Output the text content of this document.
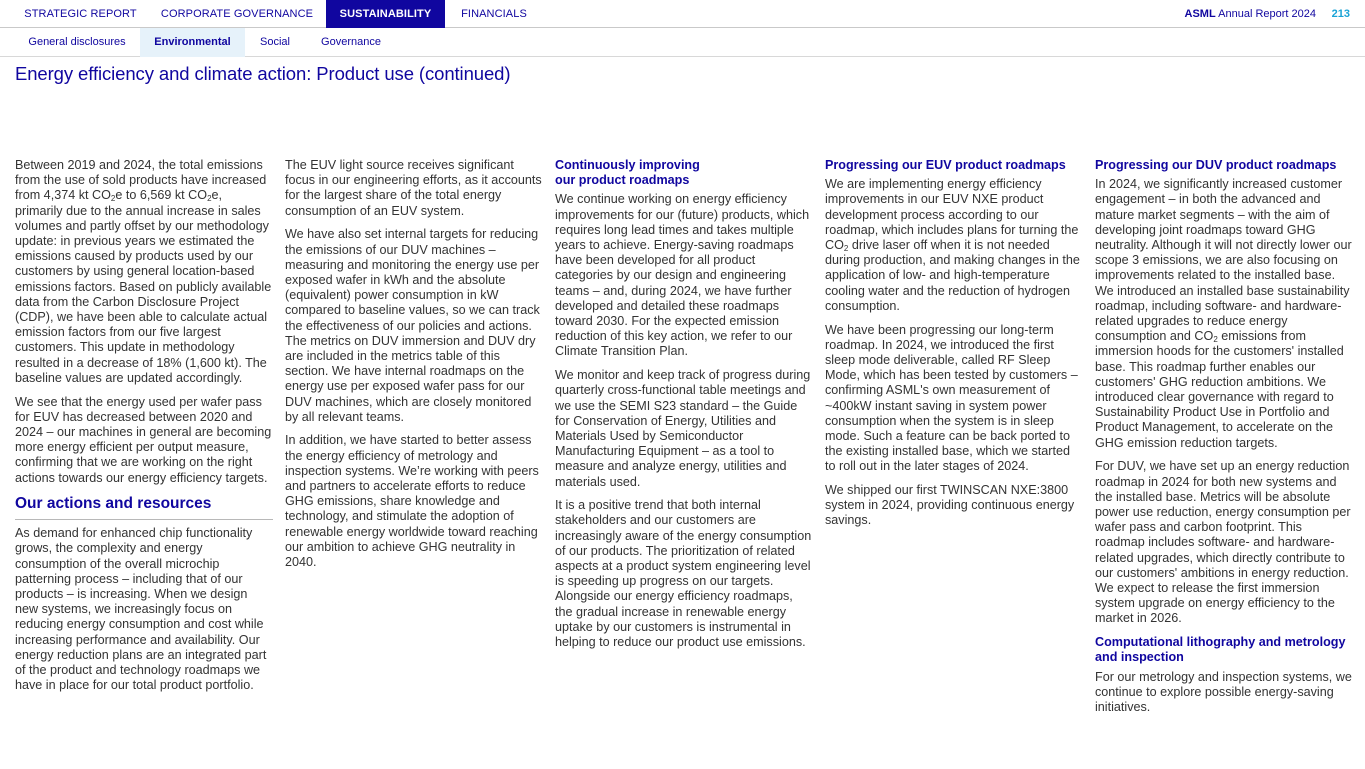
STRATEGIC REPORT	CORPORATE GOVERNANCE	SUSTAINABILITY	FINANCIALS	ASML Annual Report 2024 213
General disclosures	Environmental	Social	Governance
Energy efficiency and climate action: Product use (continued)

Between 2019 and 2024, the total emissions from the use of sold products have increased from 4,374 kt $CO_2e$ to 6,569 kt $CO_2e$, primarily due to the annual increase in sales volumes and partly offset by our methodology update: in previous years we estimated the emissions caused by products used by our customers by using general location-based emissions factors. Based on publicly available data from the Carbon Disclosure Project (CDP), we have been able to calculate actual emission factors from our five largest customers. This update in methodology resulted in a decrease of 18% (1,600 kt). The baseline values are updated accordingly.

We see that the energy used per wafer pass for EUV has decreased between 2020 and 2024 – our machines in general are becoming more energy efficient per output measure, confirming that we are working on the right actions towards our energy efficiency targets.

Our actions and resources

As demand for enhanced chip functionality grows, the complexity and energy consumption of the overall microchip patterning process – including that of our products – is increasing. When we design new systems, we increasingly focus on reducing energy consumption and cost while increasing performance and availability. Our energy reduction plans are an integrated part of the product and technology roadmaps we have in place for our total product portfolio.

The EUV light source receives significant focus in our engineering efforts, as it accounts for the largest share of the total energy consumption of an EUV system.

We have also set internal targets for reducing the emissions of our DUV machines – measuring and monitoring the energy use per exposed wafer in kWh and the absolute (equivalent) power consumption in kW compared to baseline values, so we can track the effectiveness of our policies and actions. The metrics on DUV immersion and DUV dry are included in the metrics table of this section. We have internal roadmaps on the energy use per exposed wafer pass for our DUV machines, which are closely monitored by all relevant teams.

In addition, we have started to better assess the energy efficiency of metrology and inspection systems. We’re working with peers and partners to accelerate efforts to reduce GHG emissions, share knowledge and technology, and stimulate the adoption of renewable energy worldwide toward reaching our ambition to achieve GHG neutrality in 2040.

Continuously improving
our product roadmaps

We continue working on energy efficiency improvements for our (future) products, which requires long lead times and takes multiple years to achieve. Energy-saving roadmaps have been developed for all product categories by our design and engineering teams – and, during 2024, we have further developed and detailed these roadmaps toward 2030. For the expected emission reduction of this key action, we refer to our Climate Transition Plan.

We monitor and keep track of progress during quarterly cross-functional table meetings and we use the SEMI S23 standard – the Guide for Conservation of Energy, Utilities and Materials Used by Semiconductor Manufacturing Equipment – as a tool to measure and analyze energy, utilities and materials used.

It is a positive trend that both internal stakeholders and our customers are increasingly aware of the energy consumption of our products. The prioritization of related aspects at a product system engineering level is speeding up progress on our targets. Alongside our energy efficiency roadmaps, the gradual increase in renewable energy uptake by our customers is instrumental in helping to reduce our product use emissions.

Progressing our EUV product roadmaps

We are implementing energy efficiency improvements in our EUV NXE product development process according to our roadmap, which includes plans for turning the $CO_2$ drive laser off when it is not needed during production, and making changes in the application of low- and high-temperature cooling water and the reduction of hydrogen consumption.

We have been progressing our long-term roadmap. In 2024, we introduced the first sleep mode deliverable, called RF Sleep Mode, which has been tested by customers – confirming ASML's own measurement of ~400kW instant saving in system power consumption when the system is in sleep mode. Such a feature can be back ported to the existing installed base, which we started to roll out in the later stages of 2024.

We shipped our first TWINSCAN NXE:3800 system in 2024, providing continuous energy savings.

Progressing our DUV product roadmaps

In 2024, we significantly increased customer engagement – in both the advanced and mature market segments – with the aim of developing joint roadmaps toward GHG neutrality. Although it will not directly lower our scope 3 emissions, we are also focusing on improvements related to the installed base. We introduced an installed base sustainability roadmap, including software- and hardware-related upgrades to reduce energy consumption and $CO_2$ emissions from immersion hoods for the customers' installed base. This roadmap further enables our customers' GHG reduction ambitions. We introduced clear governance with regard to Sustainability Product Use in Portfolio and Product Management, to accelerate on the GHG emission reduction targets.

For DUV, we have set up an energy reduction roadmap in 2024 for both new systems and the installed base. Metrics will be absolute power use reduction, energy consumption per wafer pass and carbon footprint. This roadmap includes software- and hardware-related upgrades, which directly contribute to our customers' ambitions in energy reduction. We expect to release the first immersion system upgrade on energy efficiency to the market in 2026.

Computational lithography and metrology and inspection

For our metrology and inspection systems, we continue to explore possible energy-saving initiatives.
